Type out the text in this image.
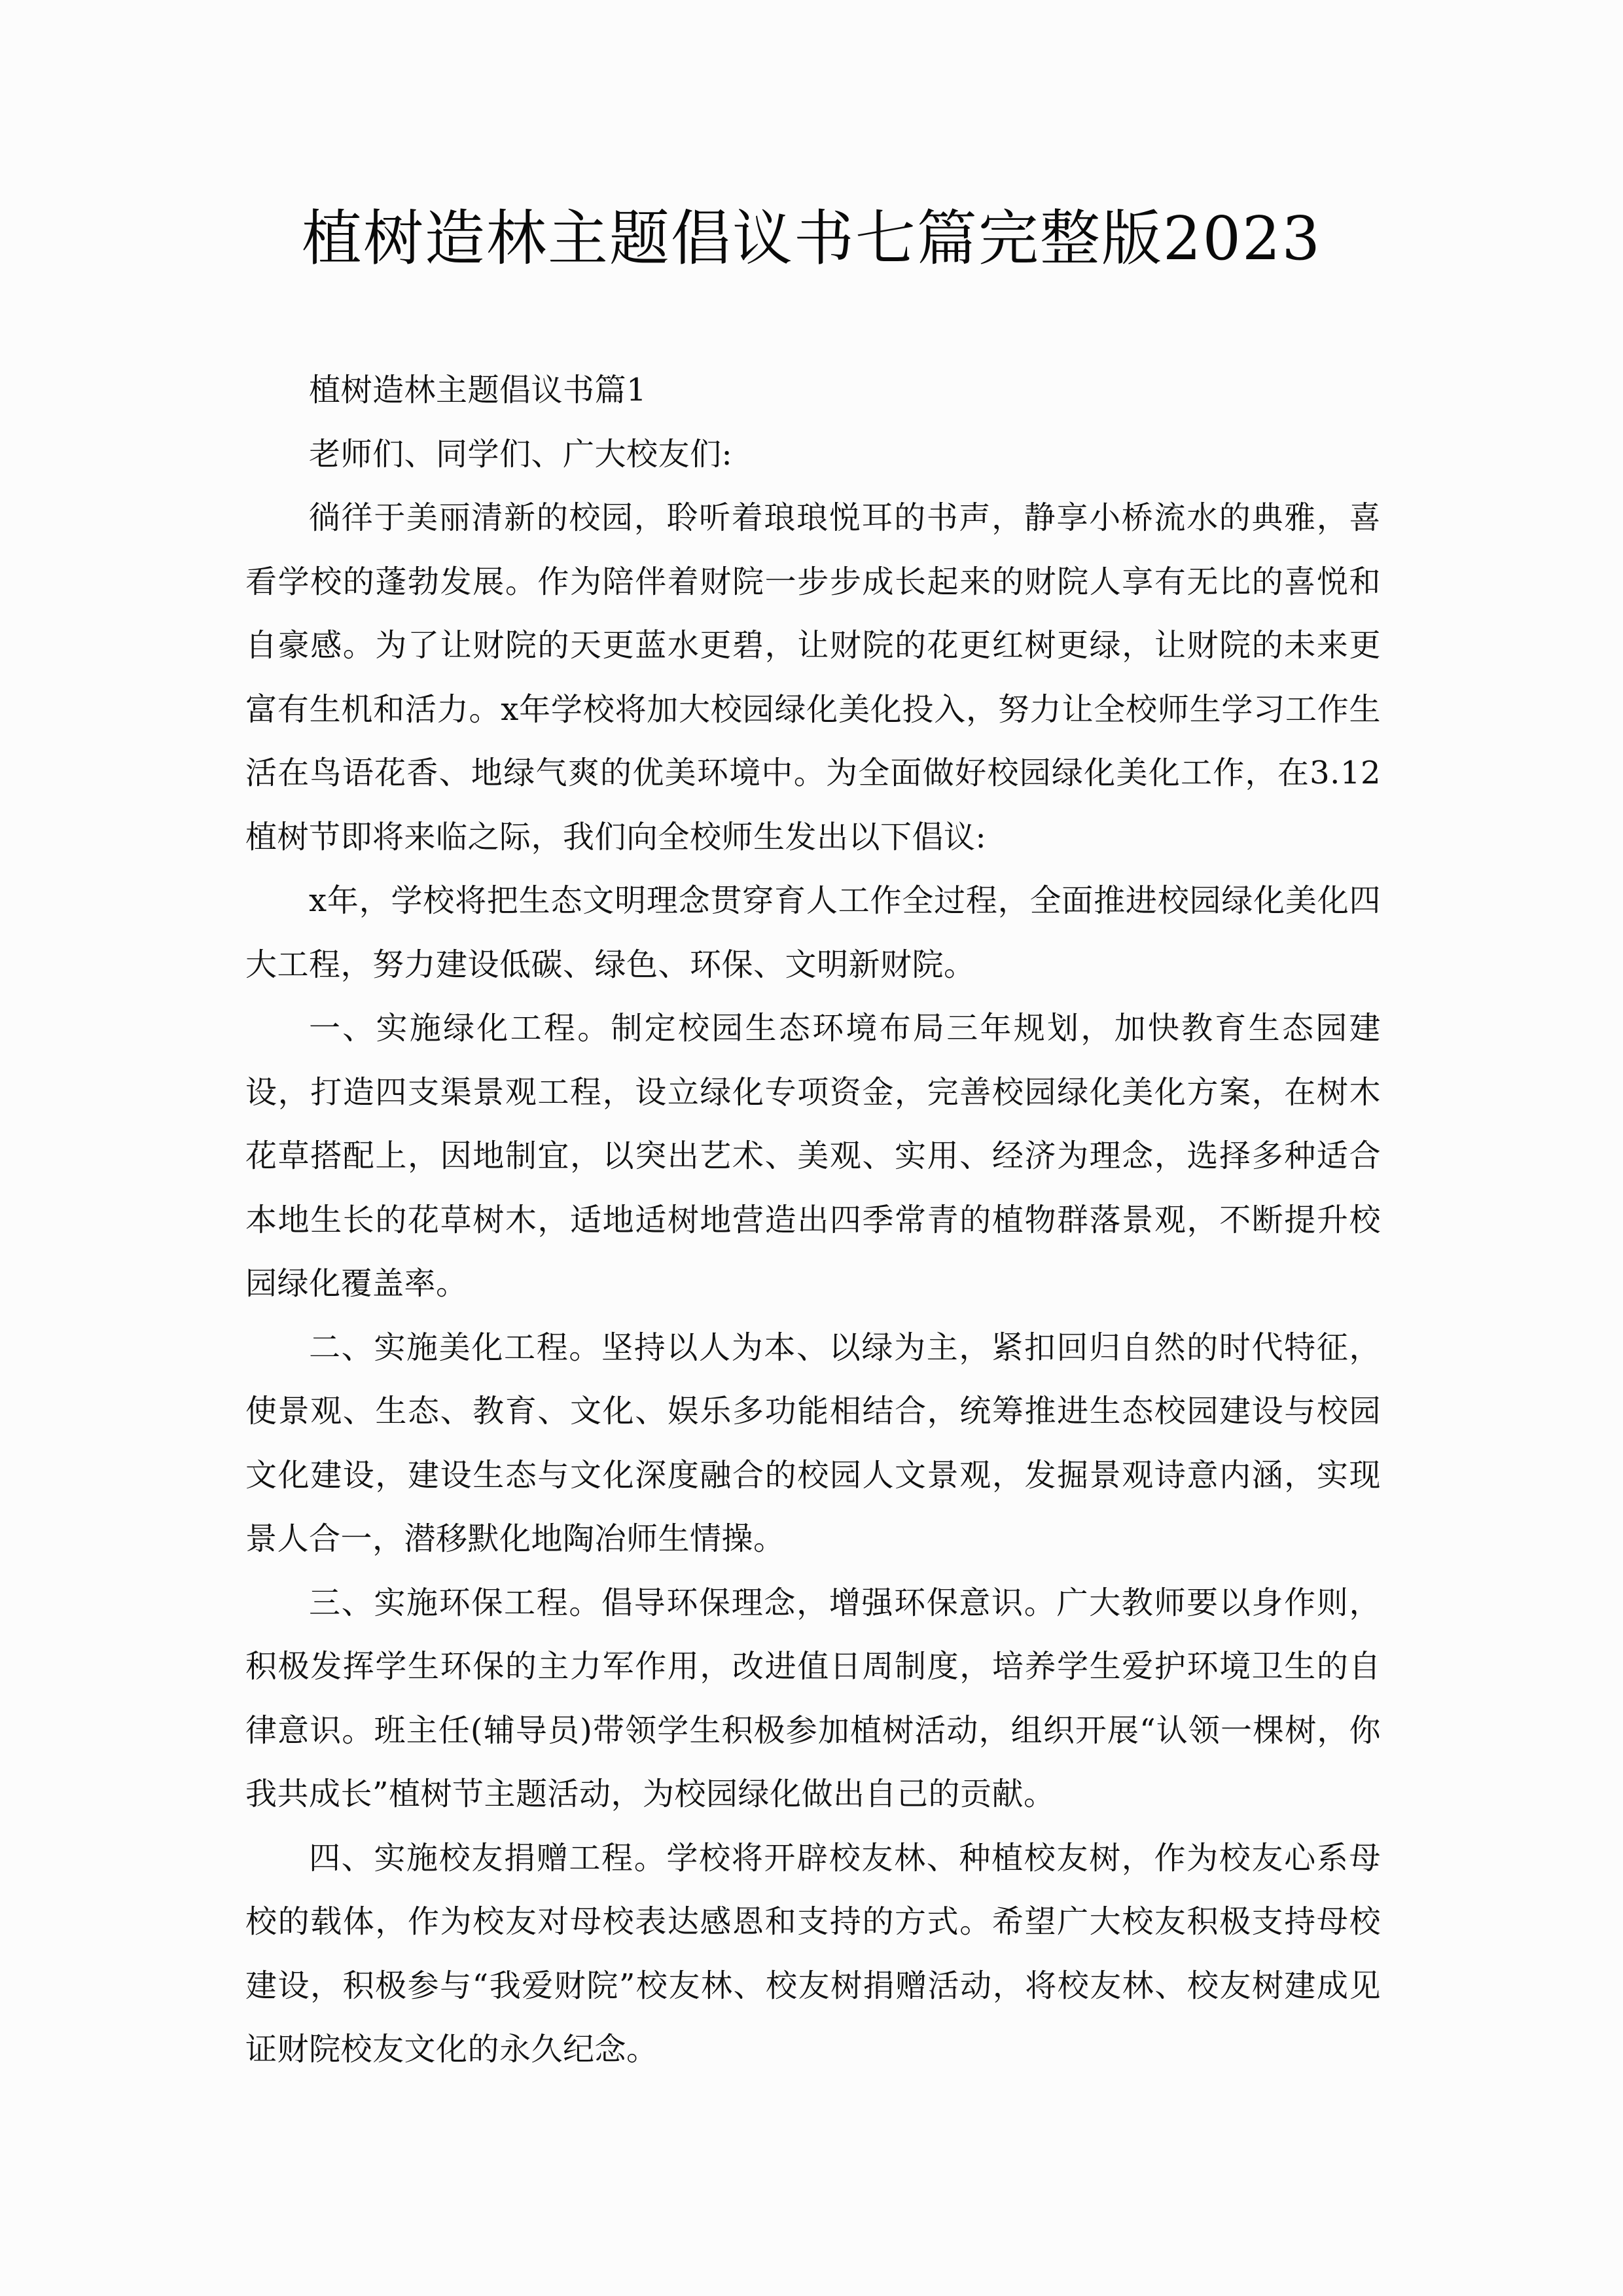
植树造林主题倡议书七篇完整版2023

植树造林主题倡议书篇1

老师们、同学们、广大校友们:

徜徉于美丽清新的校园，聆听着琅琅悦耳的书声，静享小桥流水的典雅，喜看学校的蓬勃发展。作为陪伴着财院一步步成长起来的财院人享有无比的喜悦和自豪感。为了让财院的天更蓝水更碧，让财院的花更红树更绿，让财院的未来更富有生机和活力。x年学校将加大校园绿化美化投入，努力让全校师生学习工作生活在鸟语花香、地绿气爽的优美环境中。为全面做好校园绿化美化工作，在3.12植树节即将来临之际，我们向全校师生发出以下倡议:

x年，学校将把生态文明理念贯穿育人工作全过程，全面推进校园绿化美化四大工程，努力建设低碳、绿色、环保、文明新财院。

一、实施绿化工程。制定校园生态环境布局三年规划，加快教育生态园建设，打造四支渠景观工程，设立绿化专项资金，完善校园绿化美化方案，在树木花草搭配上，因地制宜，以突出艺术、美观、实用、经济为理念，选择多种适合本地生长的花草树木，适地适树地营造出四季常青的植物群落景观，不断提升校园绿化覆盖率。

二、实施美化工程。坚持以人为本、以绿为主，紧扣回归自然的时代特征，使景观、生态、教育、文化、娱乐多功能相结合，统筹推进生态校园建设与校园文化建设，建设生态与文化深度融合的校园人文景观，发掘景观诗意内涵，实现景人合一，潜移默化地陶冶师生情操。

三、实施环保工程。倡导环保理念，增强环保意识。广大教师要以身作则，积极发挥学生环保的主力军作用，改进值日周制度，培养学生爱护环境卫生的自律意识。班主任(辅导员)带领学生积极参加植树活动，组织开展“认领一棵树，你我共成长”植树节主题活动，为校园绿化做出自己的贡献。

四、实施校友捐赠工程。学校将开辟校友林、种植校友树，作为校友心系母校的载体，作为校友对母校表达感恩和支持的方式。希望广大校友积极支持母校建设，积极参与“我爱财院”校友林、校友树捐赠活动，将校友林、校友树建成见证财院校友文化的永久纪念。
